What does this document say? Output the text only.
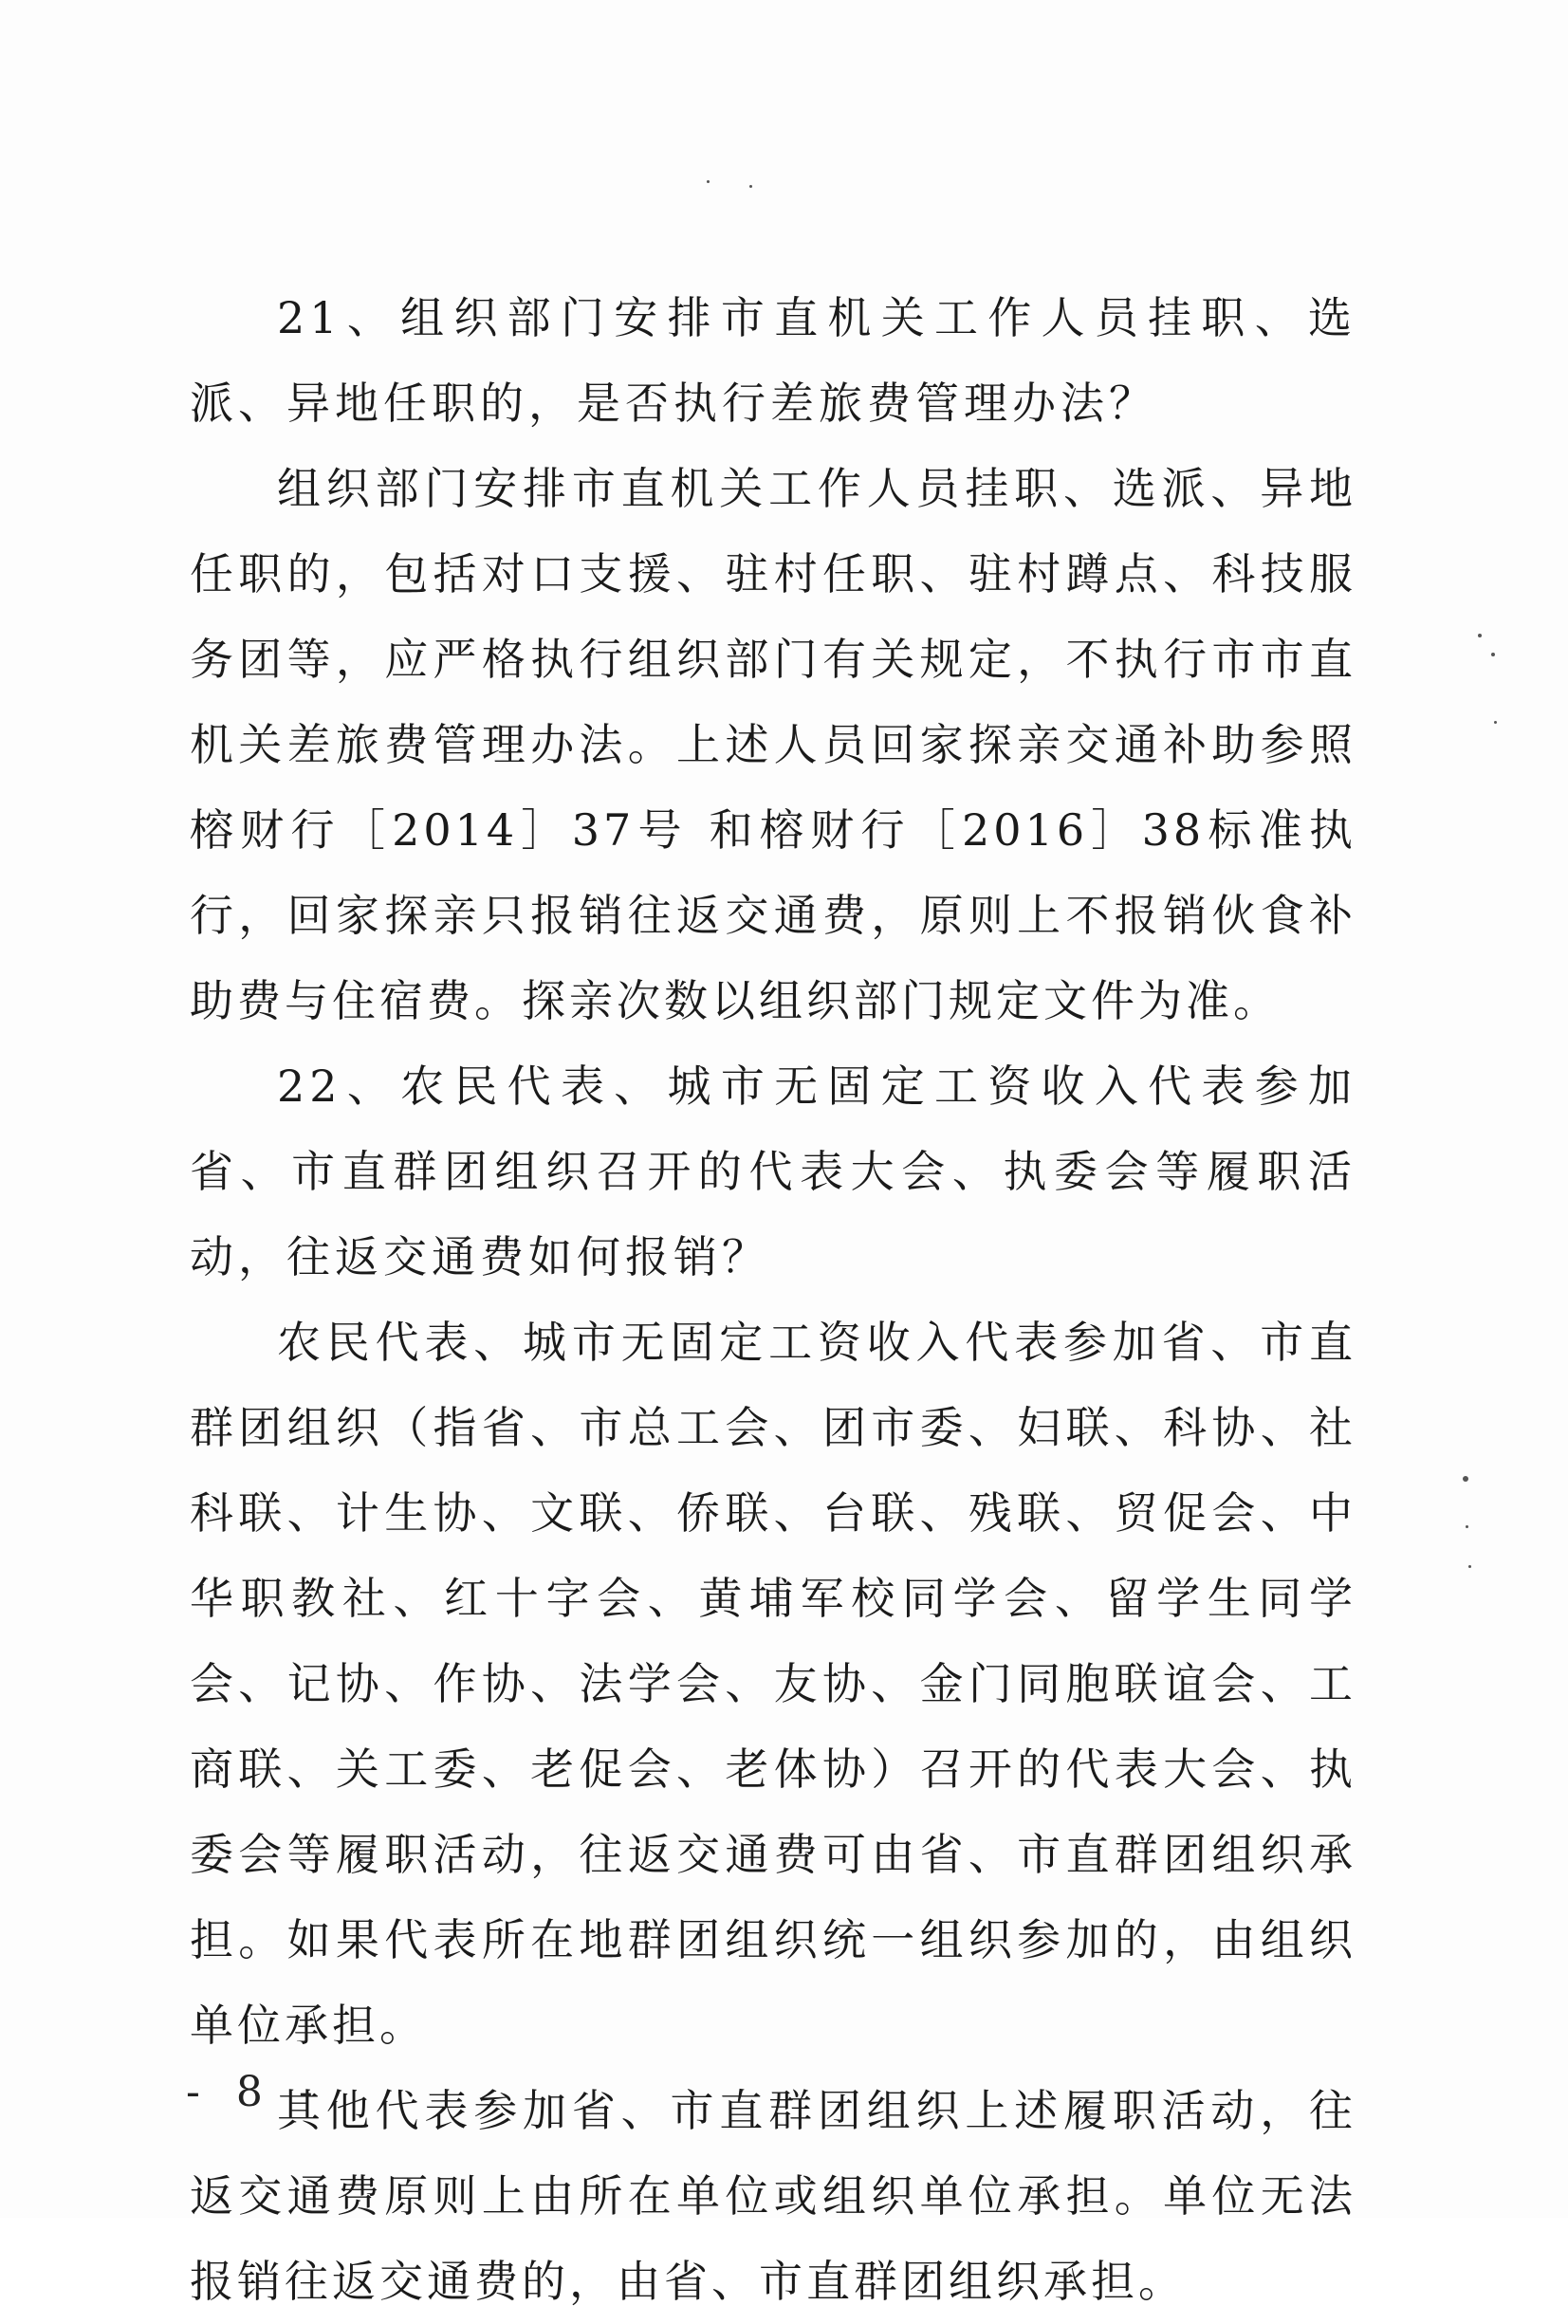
21、组织部门安排市直机关工作人员挂职、选派、异地任职的，是否执行差旅费管理办法？

组织部门安排市直机关工作人员挂职、选派、异地任职的，包括对口支援、驻村任职、驻村蹲点、科技服务团等，应严格执行组织部门有关规定，不执行市市直机关差旅费管理办法。上述人员回家探亲交通补助参照榕财行［2014］37号 和榕财行［2016］38标准执行，回家探亲只报销往返交通费，原则上不报销伙食补助费与住宿费。探亲次数以组织部门规定文件为准。

22、农民代表、城市无固定工资收入代表参加省、市直群团组织召开的代表大会、执委会等履职活动，往返交通费如何报销？

农民代表、城市无固定工资收入代表参加省、市直群团组织（指省、市总工会、团市委、妇联、科协、社科联、计生协、文联、侨联、台联、残联、贸促会、中华职教社、红十字会、黄埔军校同学会、留学生同学会、记协、作协、法学会、友协、金门同胞联谊会、工商联、关工委、老促会、老体协）召开的代表大会、执委会等履职活动，往返交通费可由省、市直群团组织承担。如果代表所在地群团组织统一组织参加的，由组织单位承担。

其他代表参加省、市直群团组织上述履职活动，往返交通费原则上由所在单位或组织单位承担。单位无法报销往返交通费的，由省、市直群团组织承担。

- 8 -
